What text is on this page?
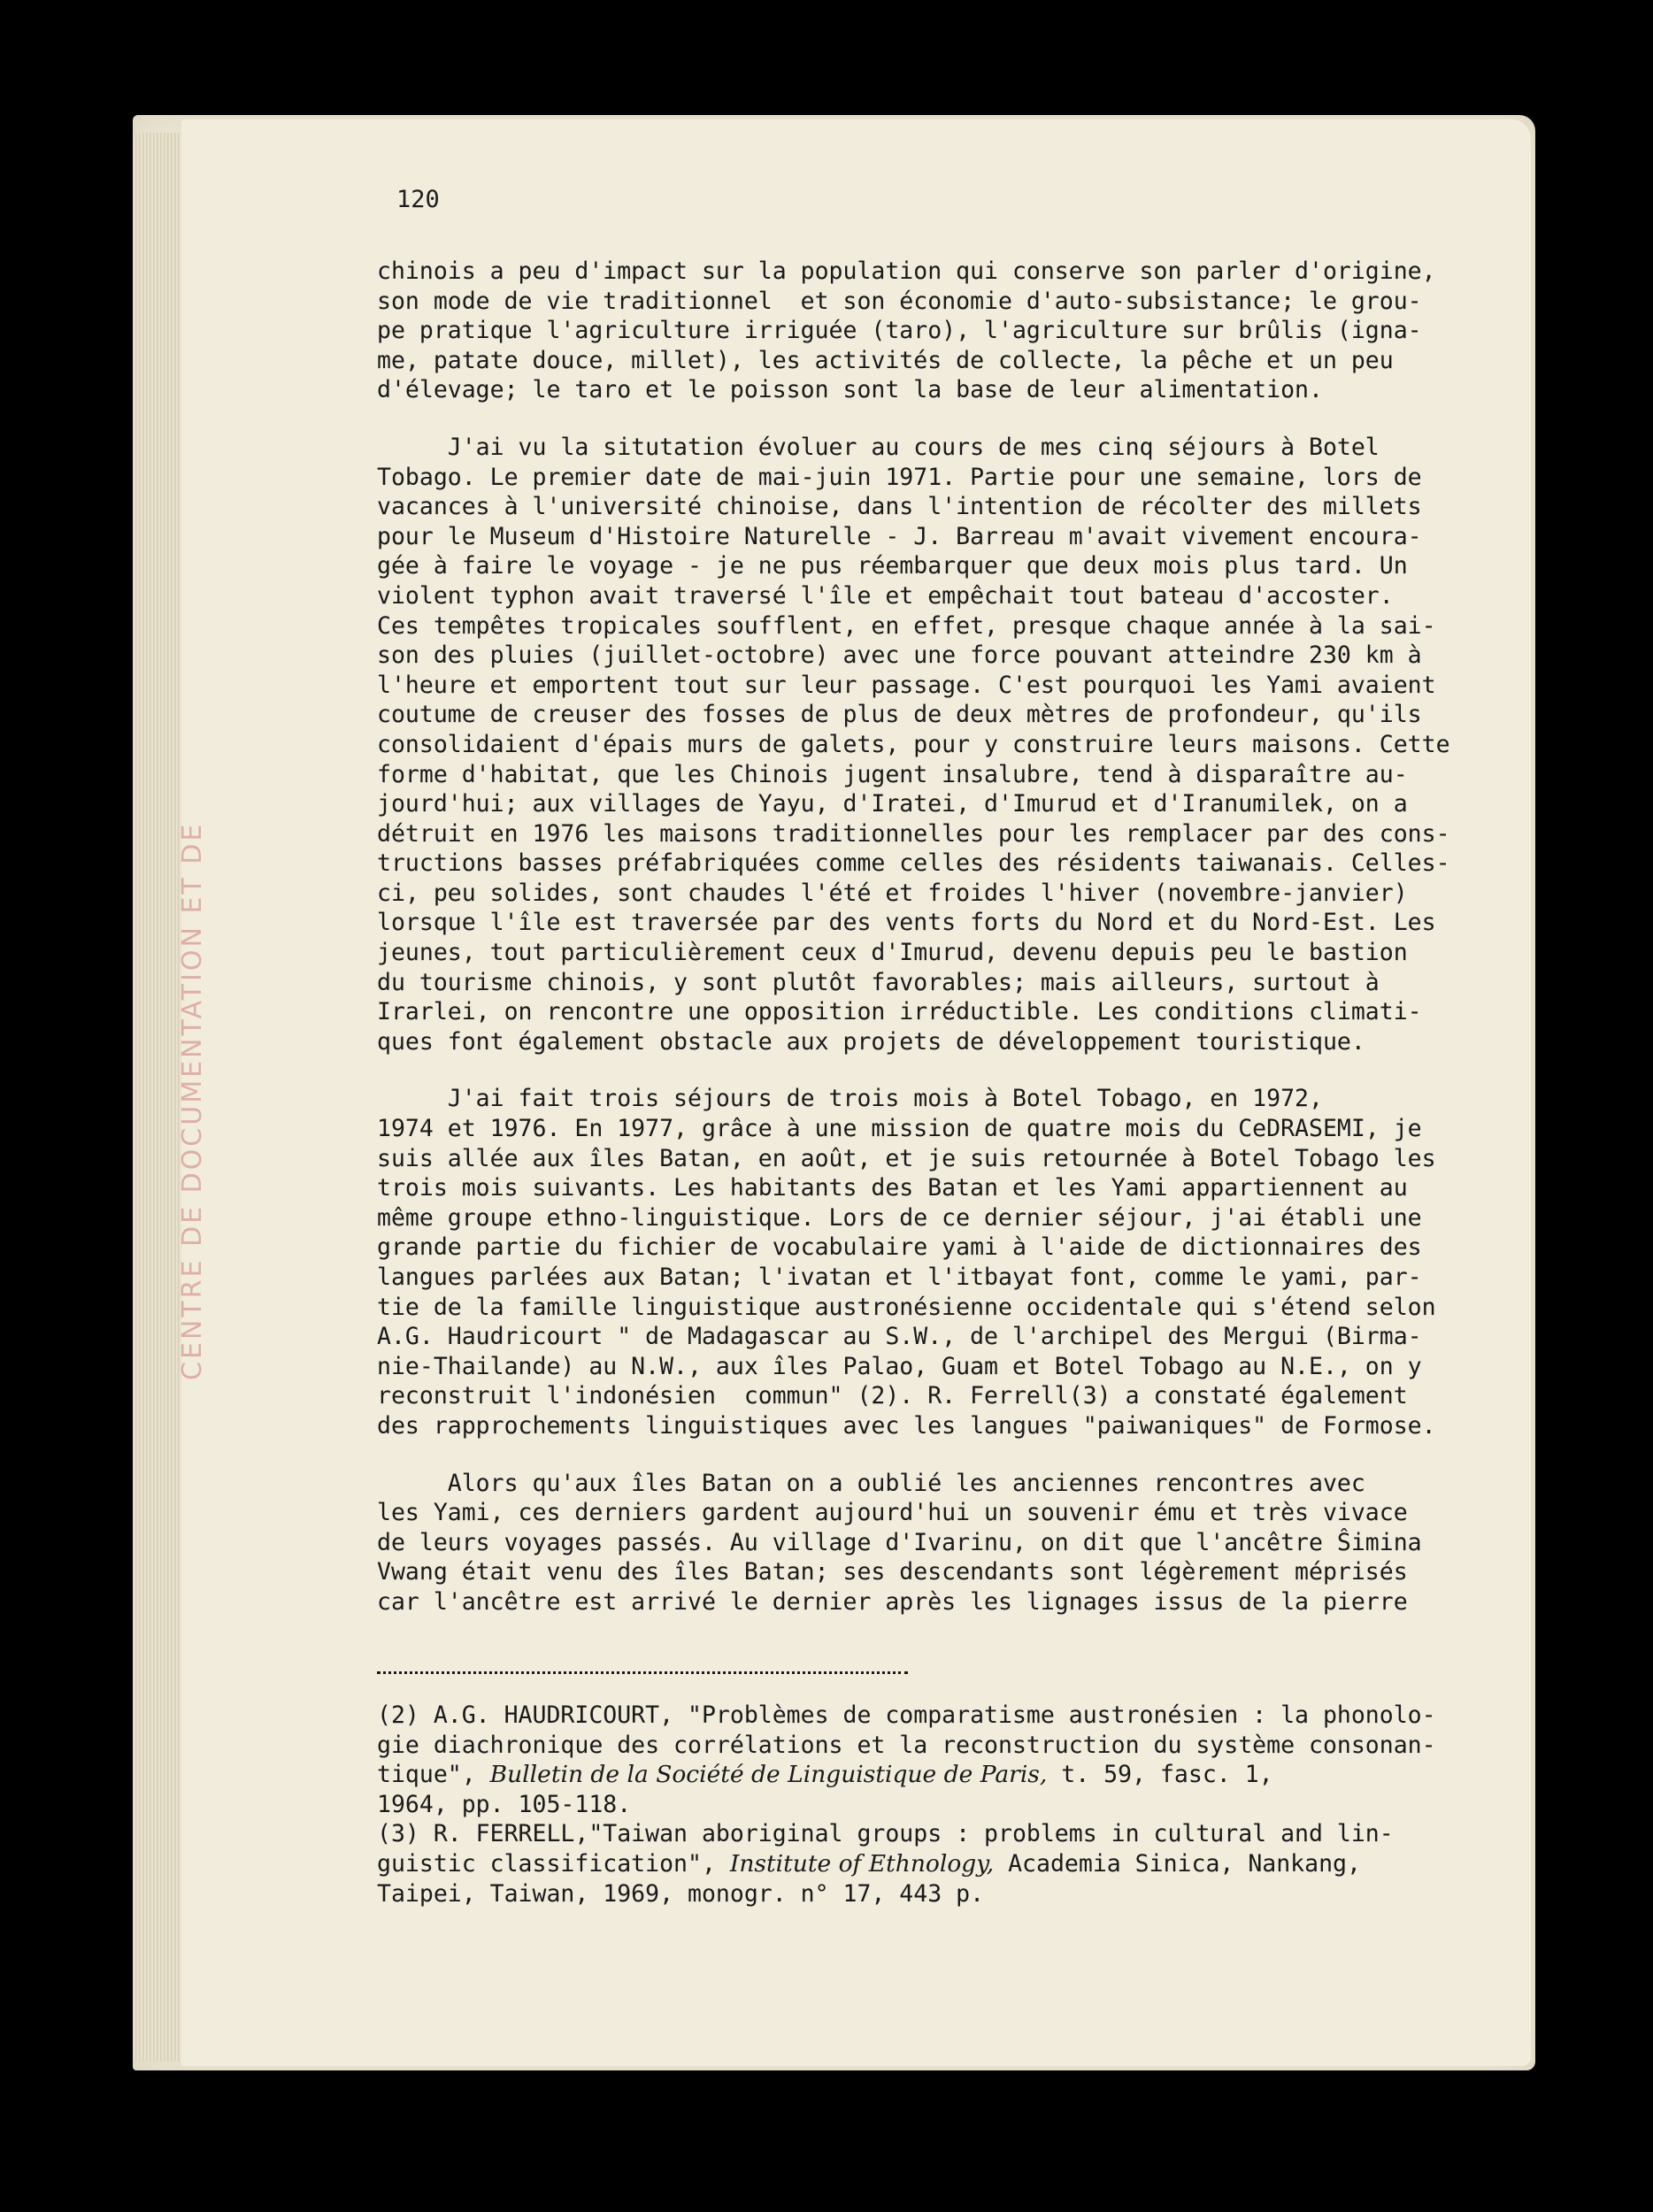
CENTRE DE DOCUMENTATION ET DE
120
chinois a peu d'impact sur la population qui conserve son parler d'origine,
son mode de vie traditionnel  et son économie d'auto-subsistance; le grou-
pe pratique l'agriculture irriguée (taro), l'agriculture sur brûlis (igna-
me, patate douce, millet), les activités de collecte, la pêche et un peu
d'élevage; le taro et le poisson sont la base de leur alimentation.
J'ai vu la situtation évoluer au cours de mes cinq séjours à Botel
Tobago. Le premier date de mai-juin 1971. Partie pour une semaine, lors de
vacances à l'université chinoise, dans l'intention de récolter des millets
pour le Museum d'Histoire Naturelle - J. Barreau m'avait vivement encoura-
gée à faire le voyage - je ne pus réembarquer que deux mois plus tard. Un
violent typhon avait traversé l'île et empêchait tout bateau d'accoster.
Ces tempêtes tropicales soufflent, en effet, presque chaque année à la sai-
son des pluies (juillet-octobre) avec une force pouvant atteindre 230 km à
l'heure et emportent tout sur leur passage. C'est pourquoi les Yami avaient
coutume de creuser des fosses de plus de deux mètres de profondeur, qu'ils
consolidaient d'épais murs de galets, pour y construire leurs maisons. Cette
forme d'habitat, que les Chinois jugent insalubre, tend à disparaître au-
jourd'hui; aux villages de Yayu, d'Iratei, d'Imurud et d'Iranumilek, on a
détruit en 1976 les maisons traditionnelles pour les remplacer par des cons-
tructions basses préfabriquées comme celles des résidents taiwanais. Celles-
ci, peu solides, sont chaudes l'été et froides l'hiver (novembre-janvier)
lorsque l'île est traversée par des vents forts du Nord et du Nord-Est. Les
jeunes, tout particulièrement ceux d'Imurud, devenu depuis peu le bastion
du tourisme chinois, y sont plutôt favorables; mais ailleurs, surtout à
Irarlei, on rencontre une opposition irréductible. Les conditions climati-
ques font également obstacle aux projets de développement touristique.
J'ai fait trois séjours de trois mois à Botel Tobago, en 1972,
1974 et 1976. En 1977, grâce à une mission de quatre mois du CeDRASEMI, je
suis allée aux îles Batan, en août, et je suis retournée à Botel Tobago les
trois mois suivants. Les habitants des Batan et les Yami appartiennent au
même groupe ethno-linguistique. Lors de ce dernier séjour, j'ai établi une
grande partie du fichier de vocabulaire yami à l'aide de dictionnaires des
langues parlées aux Batan; l'ivatan et l'itbayat font, comme le yami, par-
tie de la famille linguistique austronésienne occidentale qui s'étend selon
A.G. Haudricourt " de Madagascar au S.W., de l'archipel des Mergui (Birma-
nie-Thailande) au N.W., aux îles Palao, Guam et Botel Tobago au N.E., on y
reconstruit l'indonésien  commun" (2). R. Ferrell(3) a constaté également
des rapprochements linguistiques avec les langues "paiwaniques" de Formose.
Alors qu'aux îles Batan on a oublié les anciennes rencontres avec
les Yami, ces derniers gardent aujourd'hui un souvenir ému et très vivace
de leurs voyages passés. Au village d'Ivarinu, on dit que l'ancêtre Ŝimina
Vwang était venu des îles Batan; ses descendants sont légèrement méprisés
car l'ancêtre est arrivé le dernier après les lignages issus de la pierre
(2) A.G. HAUDRICOURT, "Problèmes de comparatisme austronésien : la phonolo-
gie diachronique des corrélations et la reconstruction du système consonan-
tique", Bulletin de la Société de Linguistique de Paris, t. 59, fasc. 1,
1964, pp. 105-118.
(3) R. FERRELL,"Taiwan aboriginal groups : problems in cultural and lin-
guistic classification", Institute of Ethnology, Academia Sinica, Nankang,
Taipei, Taiwan, 1969, monogr. n° 17, 443 p.
